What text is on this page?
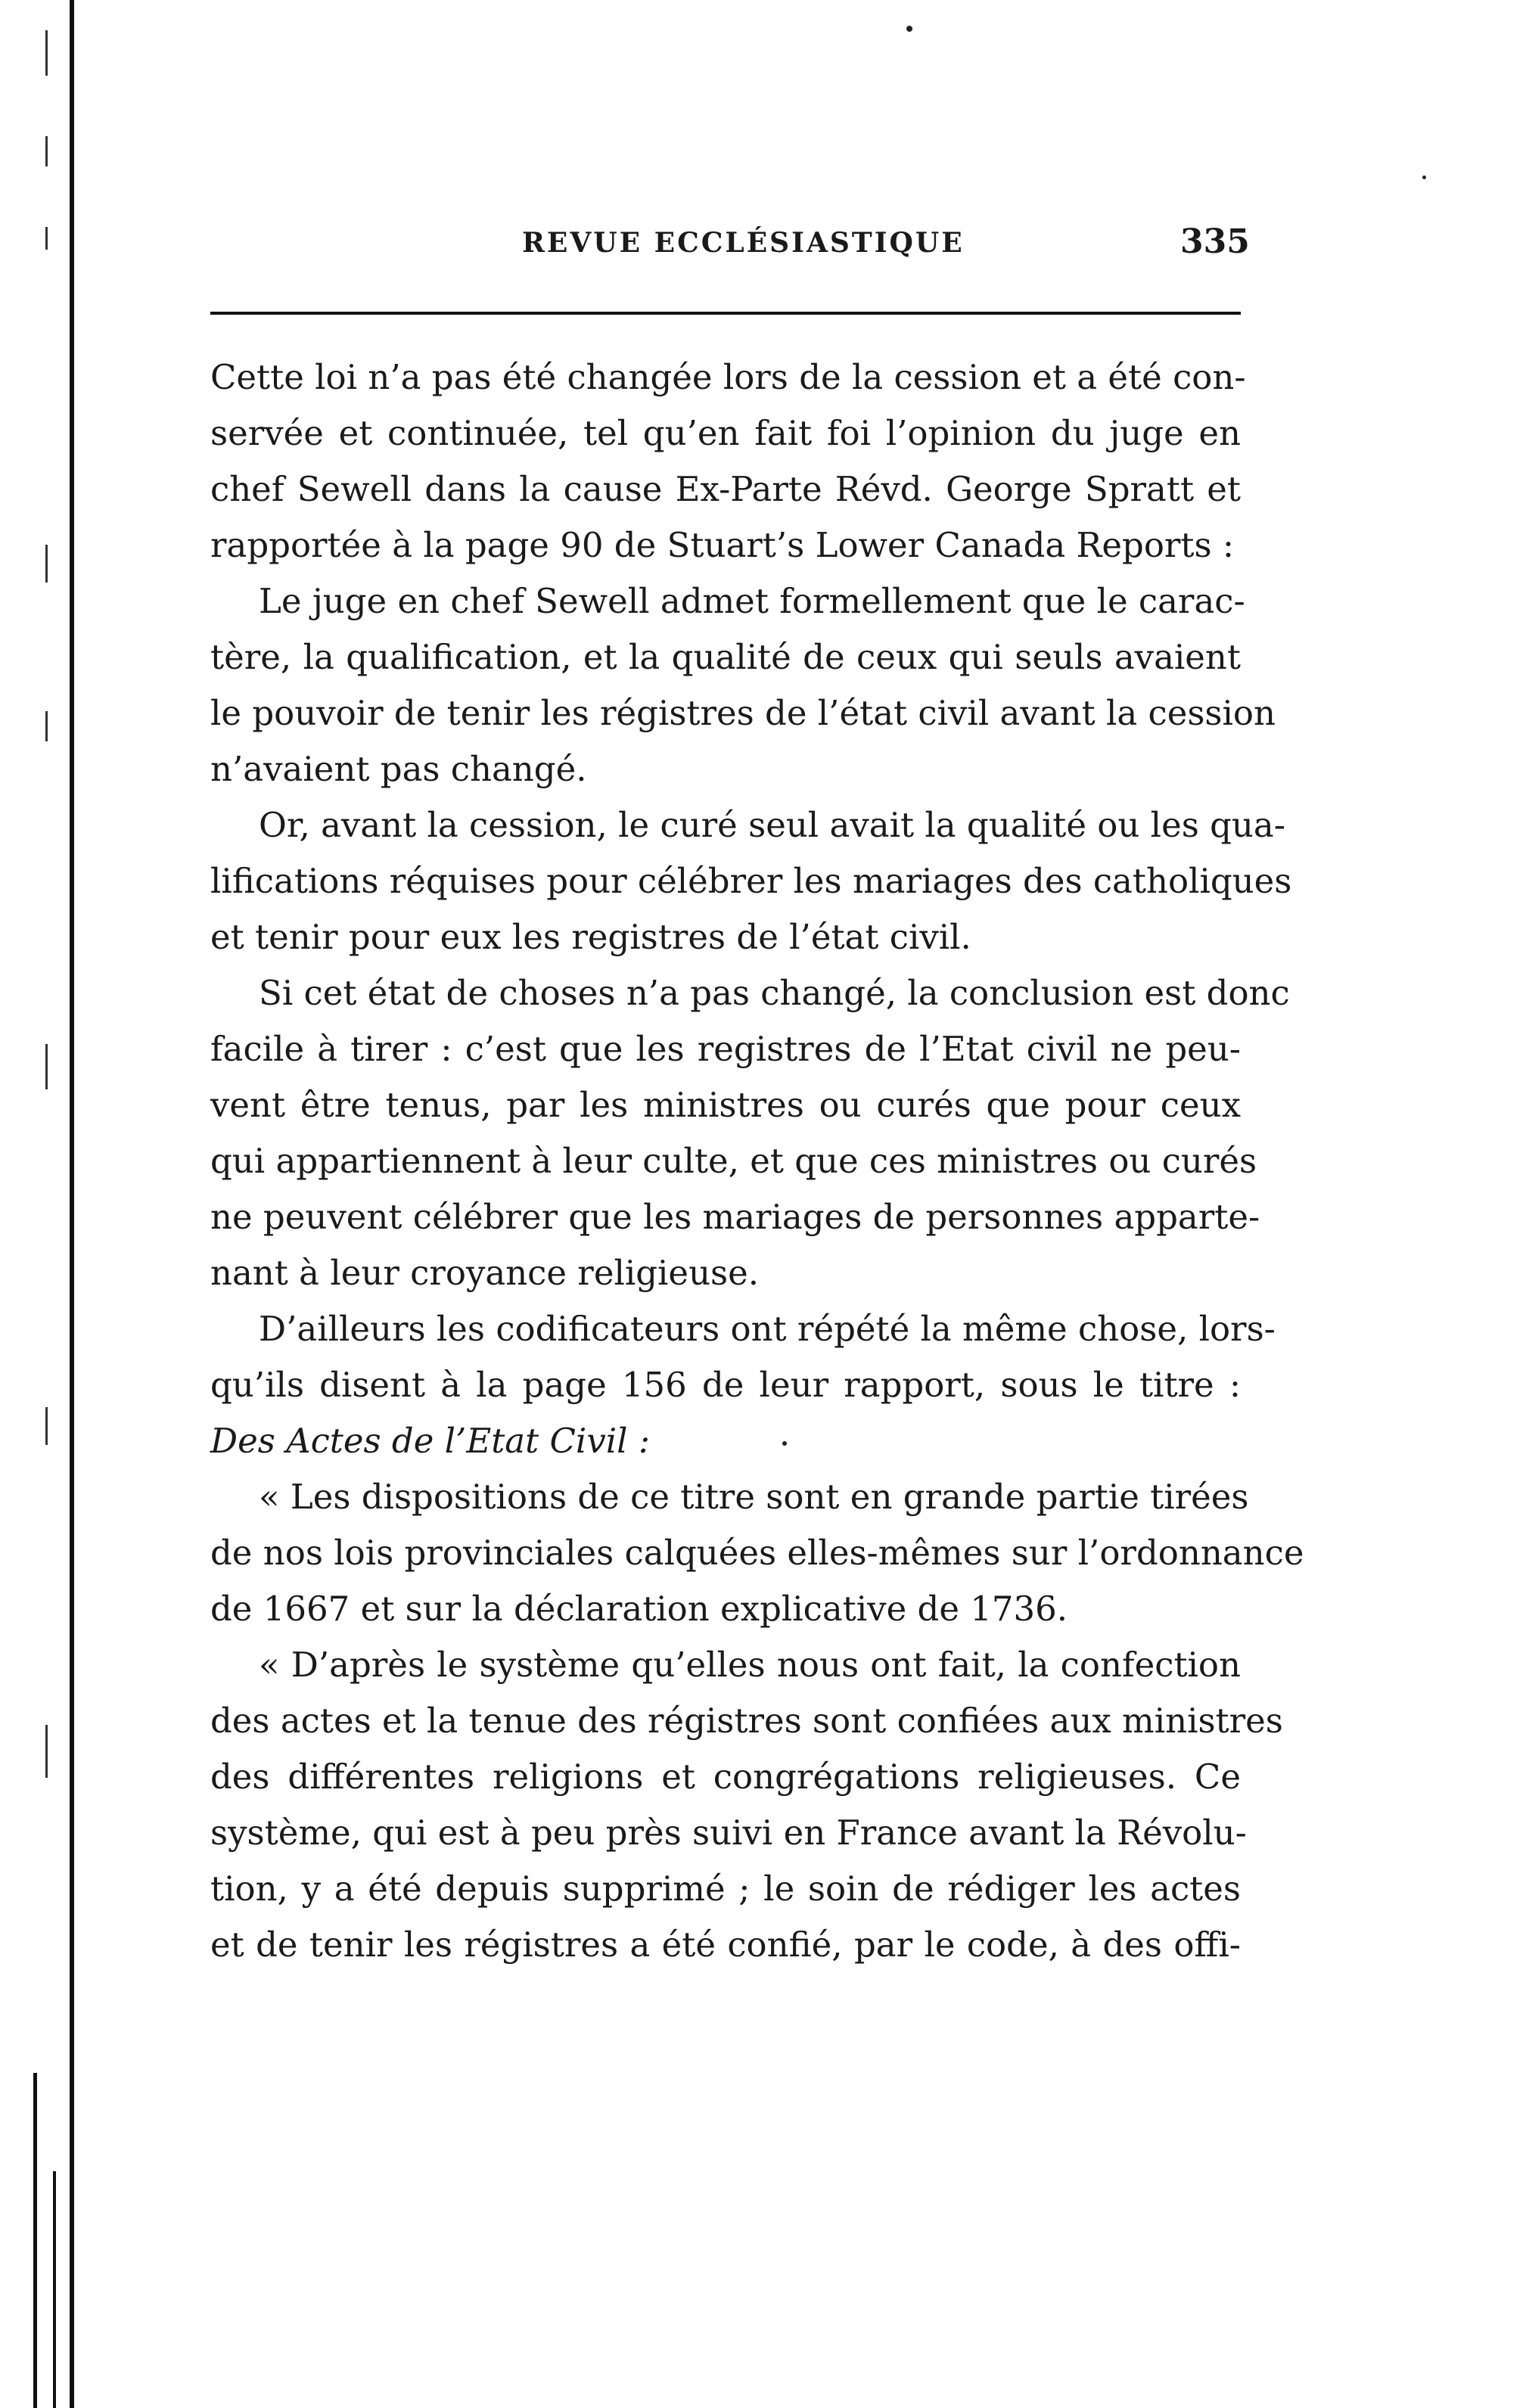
REVUE ECCLÉSIASTIQUE	335
Cette loi n’a pas été changée lors de la cession et a été con-
servée et continuée, tel qu’en fait foi l’opinion du juge en
chef Sewell dans la cause Ex-Parte Révd. George Spratt et
rapportée à la page 90 de Stuart’s Lower Canada Reports :
Le juge en chef Sewell admet formellement que le carac-
tère, la qualification, et la qualité de ceux qui seuls avaient
le pouvoir de tenir les régistres de l’état civil avant la cession
n’avaient pas changé.
Or, avant la cession, le curé seul avait la qualité ou les qua-
lifications réquises pour célébrer les mariages des catholiques
et tenir pour eux les registres de l’état civil.
Si cet état de choses n’a pas changé, la conclusion est donc
facile à tirer : c’est que les registres de l’Etat civil ne peu-
vent être tenus, par les ministres ou curés que pour ceux
qui appartiennent à leur culte, et que ces ministres ou curés
ne peuvent célébrer que les mariages de personnes apparte-
nant à leur croyance religieuse.
D’ailleurs les codificateurs ont répété la même chose, lors-
qu’ils disent à la page 156 de leur rapport, sous le titre :
Des Actes de l’Etat Civil :
« Les dispositions de ce titre sont en grande partie tirées
de nos lois provinciales calquées elles-mêmes sur l’ordonnance
de 1667 et sur la déclaration explicative de 1736.
« D’après le système qu’elles nous ont fait, la confection
des actes et la tenue des régistres sont confiées aux ministres
des différentes religions et congrégations religieuses. Ce
système, qui est à peu près suivi en France avant la Révolu-
tion, y a été depuis supprimé ; le soin de rédiger les actes
et de tenir les régistres a été confié, par le code, à des offi-
